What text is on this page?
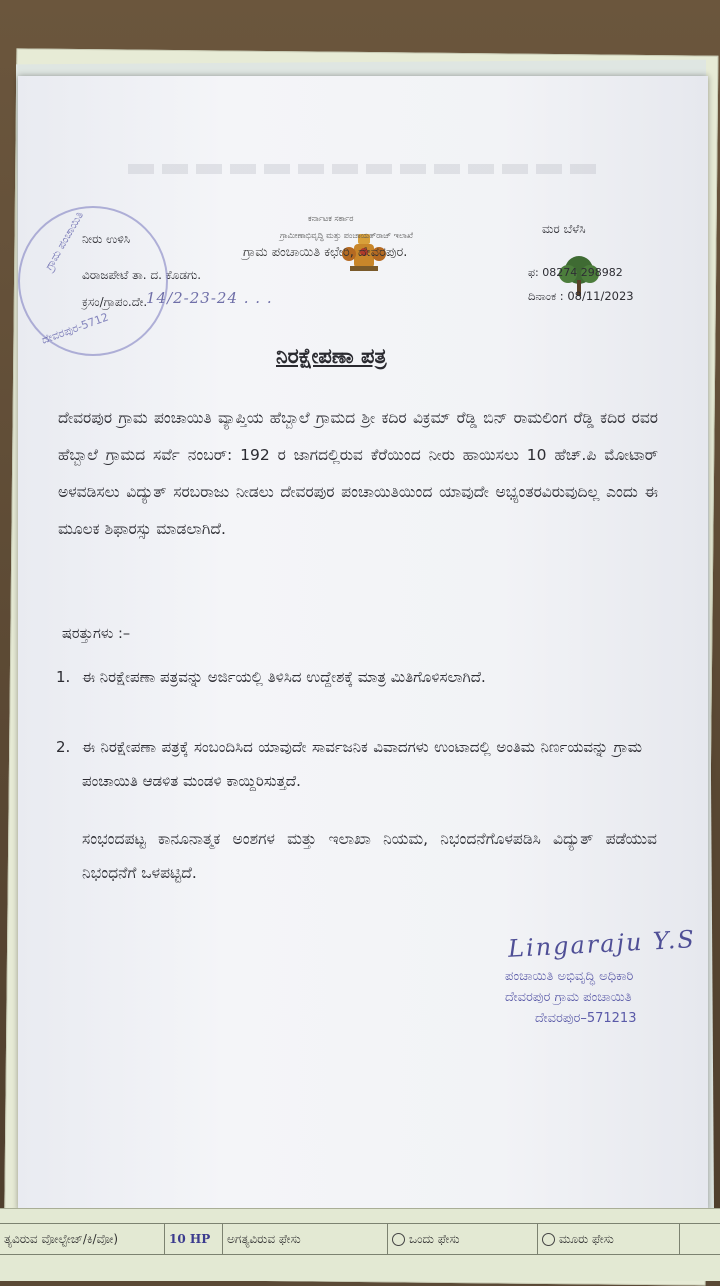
ಕರ್ನಾಟಕ ಸರ್ಕಾರ
ಗ್ರಾಮೀಣಾಭಿವೃದ್ಧಿ ಮತ್ತು ಪಂಚಾಯತ್‌ರಾಜ್ ಇಲಾಖೆ
ಗ್ರಾಮ ಪಂಚಾಯಿತಿ ಕಛೇರಿ, ದೇವರಪುರ.
ಮರ ಬೆಳೆಸಿ
ಫ: 08274 298982
ದಿನಾಂಕ : 08/11/2023
ನೀರು ಉಳಿಸಿ
ವಿರಾಜಪೇಟೆ ತಾ. ದ. ಕೊಡಗು.
ಕ್ರಸಂ/ಗ್ರಾಪಂ.ದೇ.
14/2-23-24 . . .
ಗ್ರಾಮ ಪಂಚಾಯಿತಿ
ದೇವರಪುರ-5712
ನಿರಕ್ಷೇಪಣಾ ಪತ್ರ
ದೇವರಪುರ ಗ್ರಾಮ ಪಂಚಾಯಿತಿ ವ್ಯಾಪ್ತಿಯ ಹೆಬ್ಬಾಲೆ ಗ್ರಾಮದ ಶ್ರೀ ಕದಿರ ವಿಕ್ರಮ್ ರೆಡ್ಡಿ ಬಿನ್ ರಾಮಲಿಂಗ ರೆಡ್ಡಿ ಕದಿರ ರವರ ಹೆಬ್ಬಾಲೆ ಗ್ರಾಮದ ಸರ್ವೆ ನಂಬರ್: 192 ರ ಜಾಗದಲ್ಲಿರುವ ಕೆರೆಯಿಂದ ನೀರು ಹಾಯಿಸಲು 10 ಹೆಚ್.ಪಿ ಮೋಟಾರ್ ಅಳವಡಿಸಲು ವಿದ್ಯುತ್ ಸರಬರಾಜು ನೀಡಲು ದೇವರಪುರ ಪಂಚಾಯಿತಿಯಿಂದ ಯಾವುದೇ ಅಭ್ಯಂತರವಿರುವುದಿಲ್ಲ ಎಂದು ಈ ಮೂಲಕ ಶಿಫಾರಸ್ಸು ಮಾಡಲಾಗಿದೆ.
ಷರತ್ತುಗಳು :–
1. ಈ ನಿರಕ್ಷೇಪಣಾ ಪತ್ರವನ್ನು ಅರ್ಜಿಯಲ್ಲಿ ತಿಳಿಸಿದ ಉದ್ದೇಶಕ್ಕೆ ಮಾತ್ರ ಮಿತಿಗೊಳಿಸಲಾಗಿದೆ.
2. ಈ ನಿರಕ್ಷೇಪಣಾ ಪತ್ರಕ್ಕೆ ಸಂಬಂದಿಸಿದ ಯಾವುದೇ ಸಾರ್ವಜನಿಕ ವಿವಾದಗಳು ಉಂಟಾದಲ್ಲಿ ಅಂತಿಮ ನಿರ್ಣಯವನ್ನು ಗ್ರಾಮ ಪಂಚಾಯಿತಿ ಆಡಳಿತ ಮಂಡಳಿ ಕಾಯ್ದಿರಿಸುತ್ತದೆ.
ಸಂಭಂದಪಟ್ಟ ಕಾನೂನಾತ್ಮಕ ಅಂಶಗಳ ಮತ್ತು ಇಲಾಖಾ ನಿಯಮ, ನಿಭಂದನೆಗೊಳಪಡಿಸಿ ವಿದ್ಯುತ್ ಪಡೆಯುವ ನಿಭಂಧನೆಗೆ ಒಳಪಟ್ಟಿದೆ.
Lingaraju Y.S
ಪಂಚಾಯಿತಿ ಅಭಿವೃದ್ಧಿ ಅಧಿಕಾರಿ
ದೇವರಪುರ ಗ್ರಾಮ ಪಂಚಾಯಿತಿ
ದೇವರಪುರ–571213
ತ್ಯವಿರುವ ವೋಲ್ಟೇಜ್/ಕಿ/ವೋ)	10 HP	ಅಗತ್ಯವಿರುವ ಫೇಸು	ಒಂದು ಫೇಸು	ಮೂರು ಫೇಸು
